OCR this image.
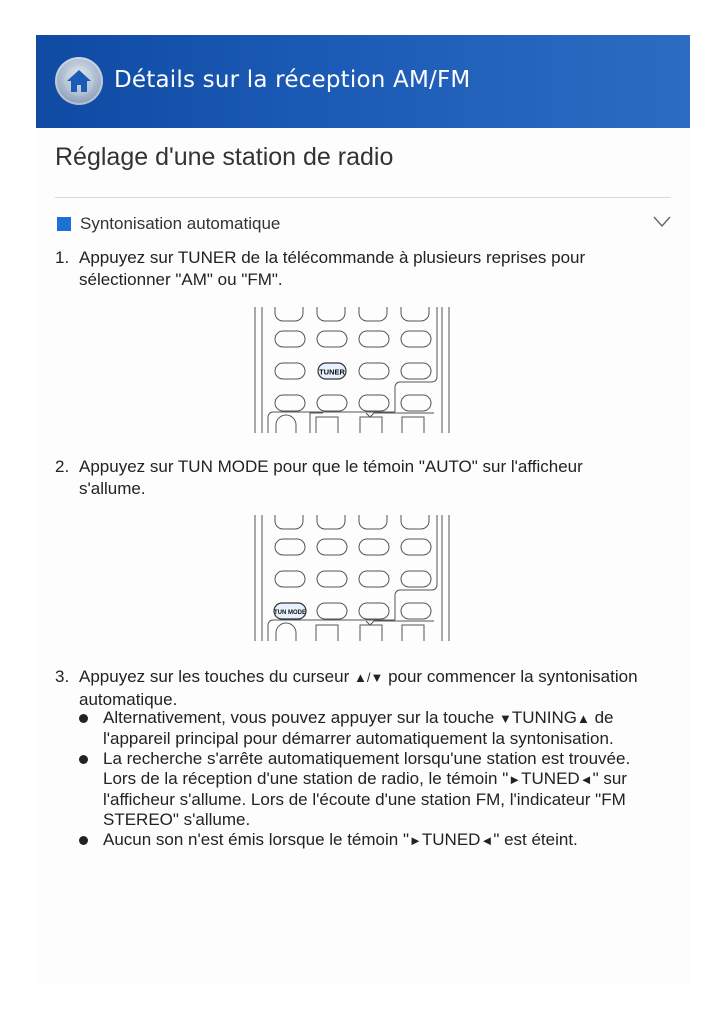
Détails sur la réception AM/FM
Réglage d'une station de radio
Syntonisation automatique
1. Appuyez sur TUNER de la télécommande à plusieurs reprises pour
sélectionner "AM" ou "FM".
TUNER
2. Appuyez sur TUN MODE pour que le témoin "AUTO" sur l'afficheur
s'allume.
TUN MODE
3. Appuyez sur les touches du curseur ▲/▼ pour commencer la syntonisation
automatique.
Alternativement, vous pouvez appuyer sur la touche ▼TUNING▲ de
l'appareil principal pour démarrer automatiquement la syntonisation.
La recherche s'arrête automatiquement lorsqu'une station est trouvée.
Lors de la réception d'une station de radio, le témoin "►TUNED◄" sur
l'afficheur s'allume. Lors de l'écoute d'une station FM, l'indicateur "FM
STEREO" s'allume.
Aucun son n'est émis lorsque le témoin "►TUNED◄" est éteint.
